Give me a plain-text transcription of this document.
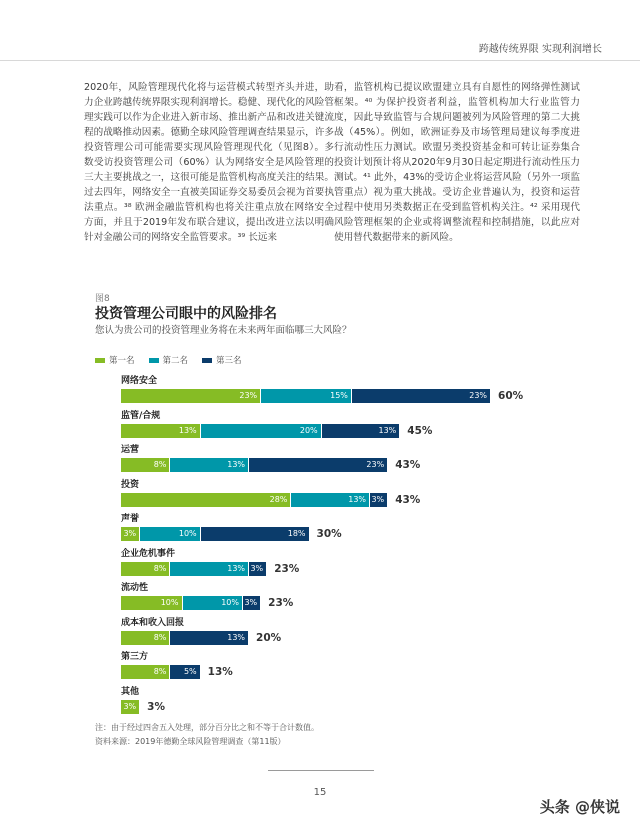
跨越传统界限 实现利润增长
2020年，风险管理现代化将与运营模式转型齐头并进，助力企业跨越传统界限实现利润增长。稳健、现代化的风险管理实践可以作为企业进入新市场、推出新产品和改进关键流程的战略推动因素。德勤全球风险管理调查结果显示，许多投资管理公司可能需要实现风险管理现代化（见图8）。多数受访投资管理公司（60%）认为网络安全是风险管理的三大主要挑战之一，这很可能是监管机构高度关注的结果。过去四年，网络安全一直被美国证券交易委员会视为首要执法重点。³⁸ 欧洲金融监管机构也将关注重点放在网络安全方面，并且于2019年发布联合建议，提出改进立法以明确针对金融公司的网络安全监管要求。³⁹ 长远来
看，监管机构已提议欧盟建立具有自愿性的网络弹性测试框架。⁴⁰ 为保护投资者利益，监管机构加大行业监管力度，因此导致监管与合规问题被列为风险管理的第二大挑战（45%）。例如，欧洲证券及市场管理局建议每季度进行流动性压力测试。欧盟另类投资基金和可转让证券集合投资计划预计将从2020年9月30日起定期进行流动性压力测试。⁴¹ 此外，43%的受访企业将运营风险（另外一项监管重点）视为重大挑战。受访企业普遍认为，投资和运营过程中使用另类数据正在受到监管机构关注。⁴² 采用现代风险管理框架的企业或将调整流程和控制措施，以此应对使用替代数据带来的新风险。
图8
投资管理公司眼中的风险排名
您认为贵公司的投资管理业务将在未来两年面临哪三大风险？
第一名	第二名	第三名
网络安全
23%	15%	23% 60%
监管/合规
13%	20%	13% 45%
运营
8%	13%	23% 43%
投资
28%	13% 3% 43%
声誉
3%	10%	18% 30%
企业危机事件
8%	13% 3% 23%
流动性
10%	10% 3% 23%
成本和收入回报
8%	13% 20%
第三方
8%	5% 13%
其他
3% 3%
注：由于经过四舍五入处理，部分百分比之和不等于合计数值。
资料来源：2019年德勤全球风险管理调查（第11版）
15
头条 @侠说
